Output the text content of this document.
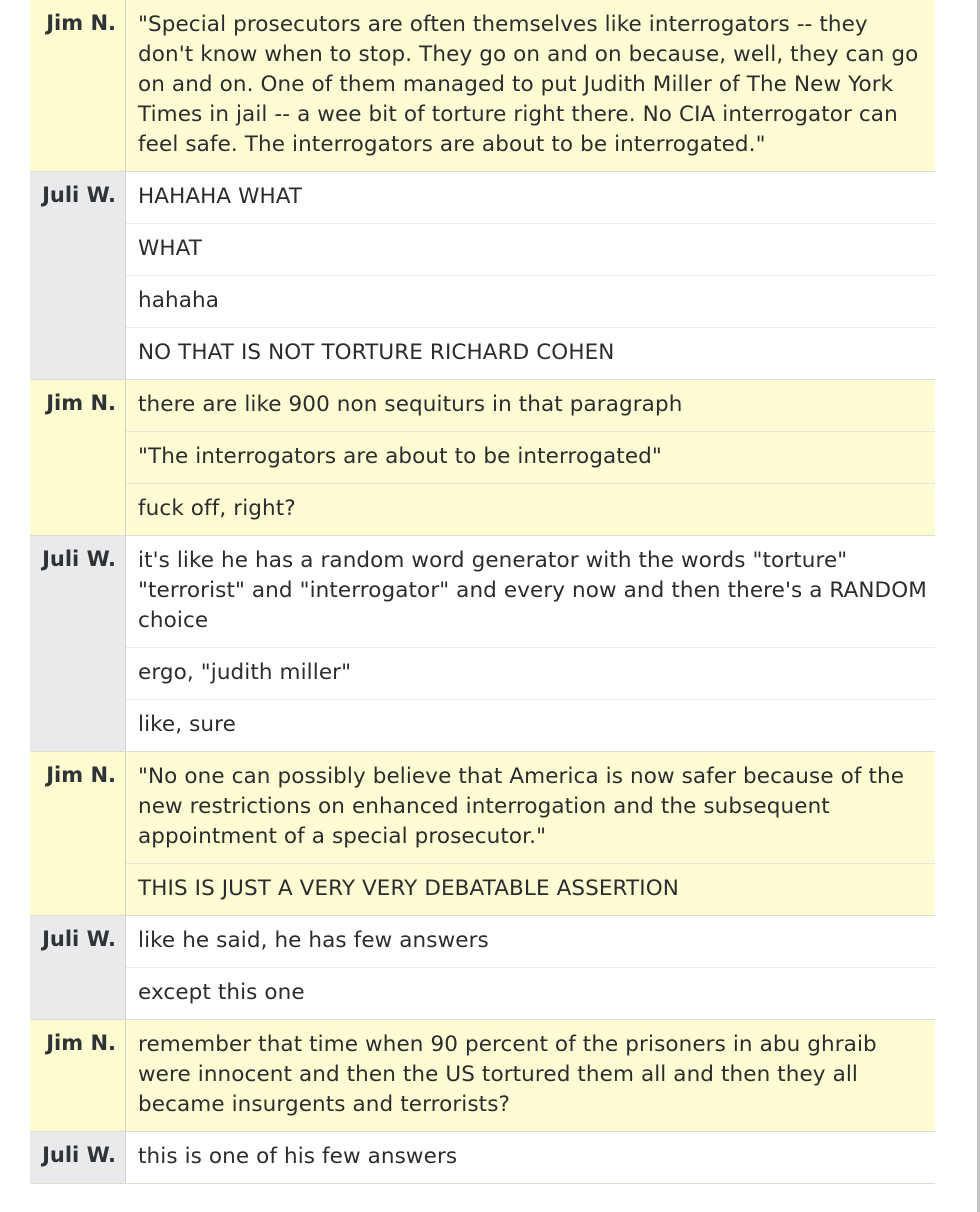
Jim N.	"Special prosecutors are often themselves like interrogators -- they don't know when to stop. They go on and on because, well, they can go on and on. One of them managed to put Judith Miller of The New York Times in jail -- a wee bit of torture right there. No CIA interrogator can feel safe. The interrogators are about to be interrogated."
Juli W.	HAHAHA WHAT
WHAT
hahaha
NO THAT IS NOT TORTURE RICHARD COHEN
Jim N.	there are like 900 non sequiturs in that paragraph
"The interrogators are about to be interrogated"
fuck off, right?
Juli W.	it's like he has a random word generator with the words "torture" "terrorist" and "interrogator" and every now and then there's a RANDOM choice
ergo, "judith miller"
like, sure
Jim N.	"No one can possibly believe that America is now safer because of the new restrictions on enhanced interrogation and the subsequent appointment of a special prosecutor."
THIS IS JUST A VERY VERY DEBATABLE ASSERTION
Juli W.	like he said, he has few answers
except this one
Jim N.	remember that time when 90 percent of the prisoners in abu ghraib were innocent and then the US tortured them all and then they all became insurgents and terrorists?
Juli W.	this is one of his few answers
